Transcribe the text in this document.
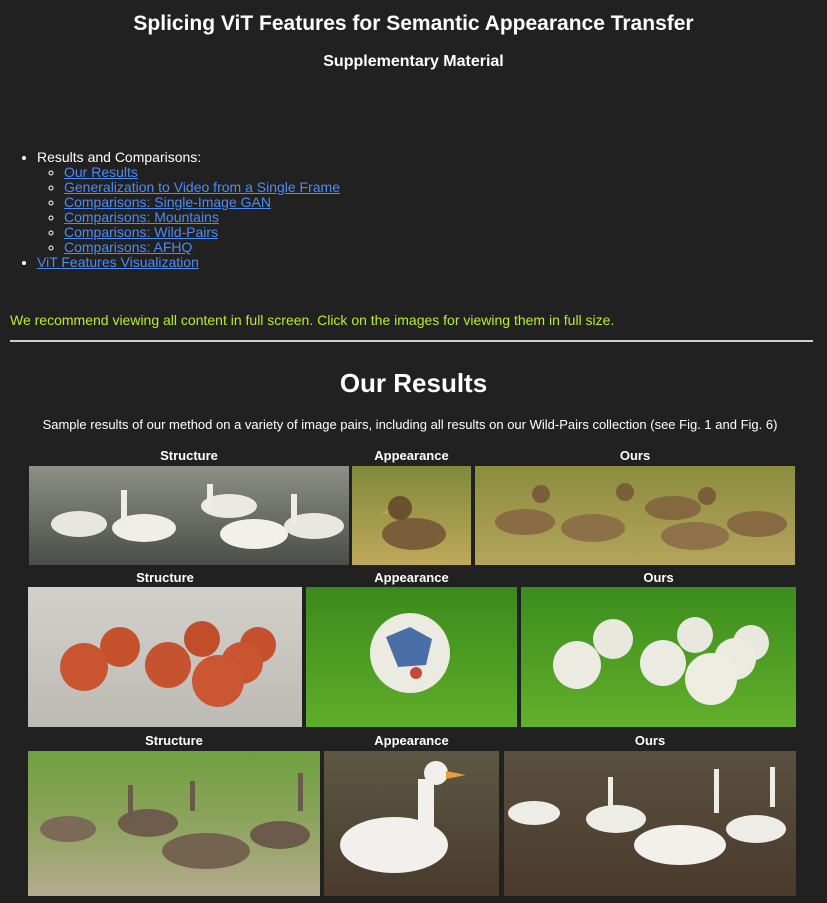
Splicing ViT Features for Semantic Appearance Transfer
Supplementary Material
• Results and Comparisons:
◦ Our Results
◦ Generalization to Video from a Single Frame
◦ Comparisons: Single-Image GAN
◦ Comparisons: Mountains
◦ Comparisons: Wild-Pairs
◦ Comparisons: AFHQ
• ViT Features Visualization

We recommend viewing all content in full screen. Click on the images for viewing them in full size.

Our Results

Sample results of our method on a variety of image pairs, including all results on our Wild-Pairs collection (see Fig. 1 and Fig. 6)

Structure	Appearance	Ours
Structure	Appearance	Ours
Structure	Appearance	Ours
